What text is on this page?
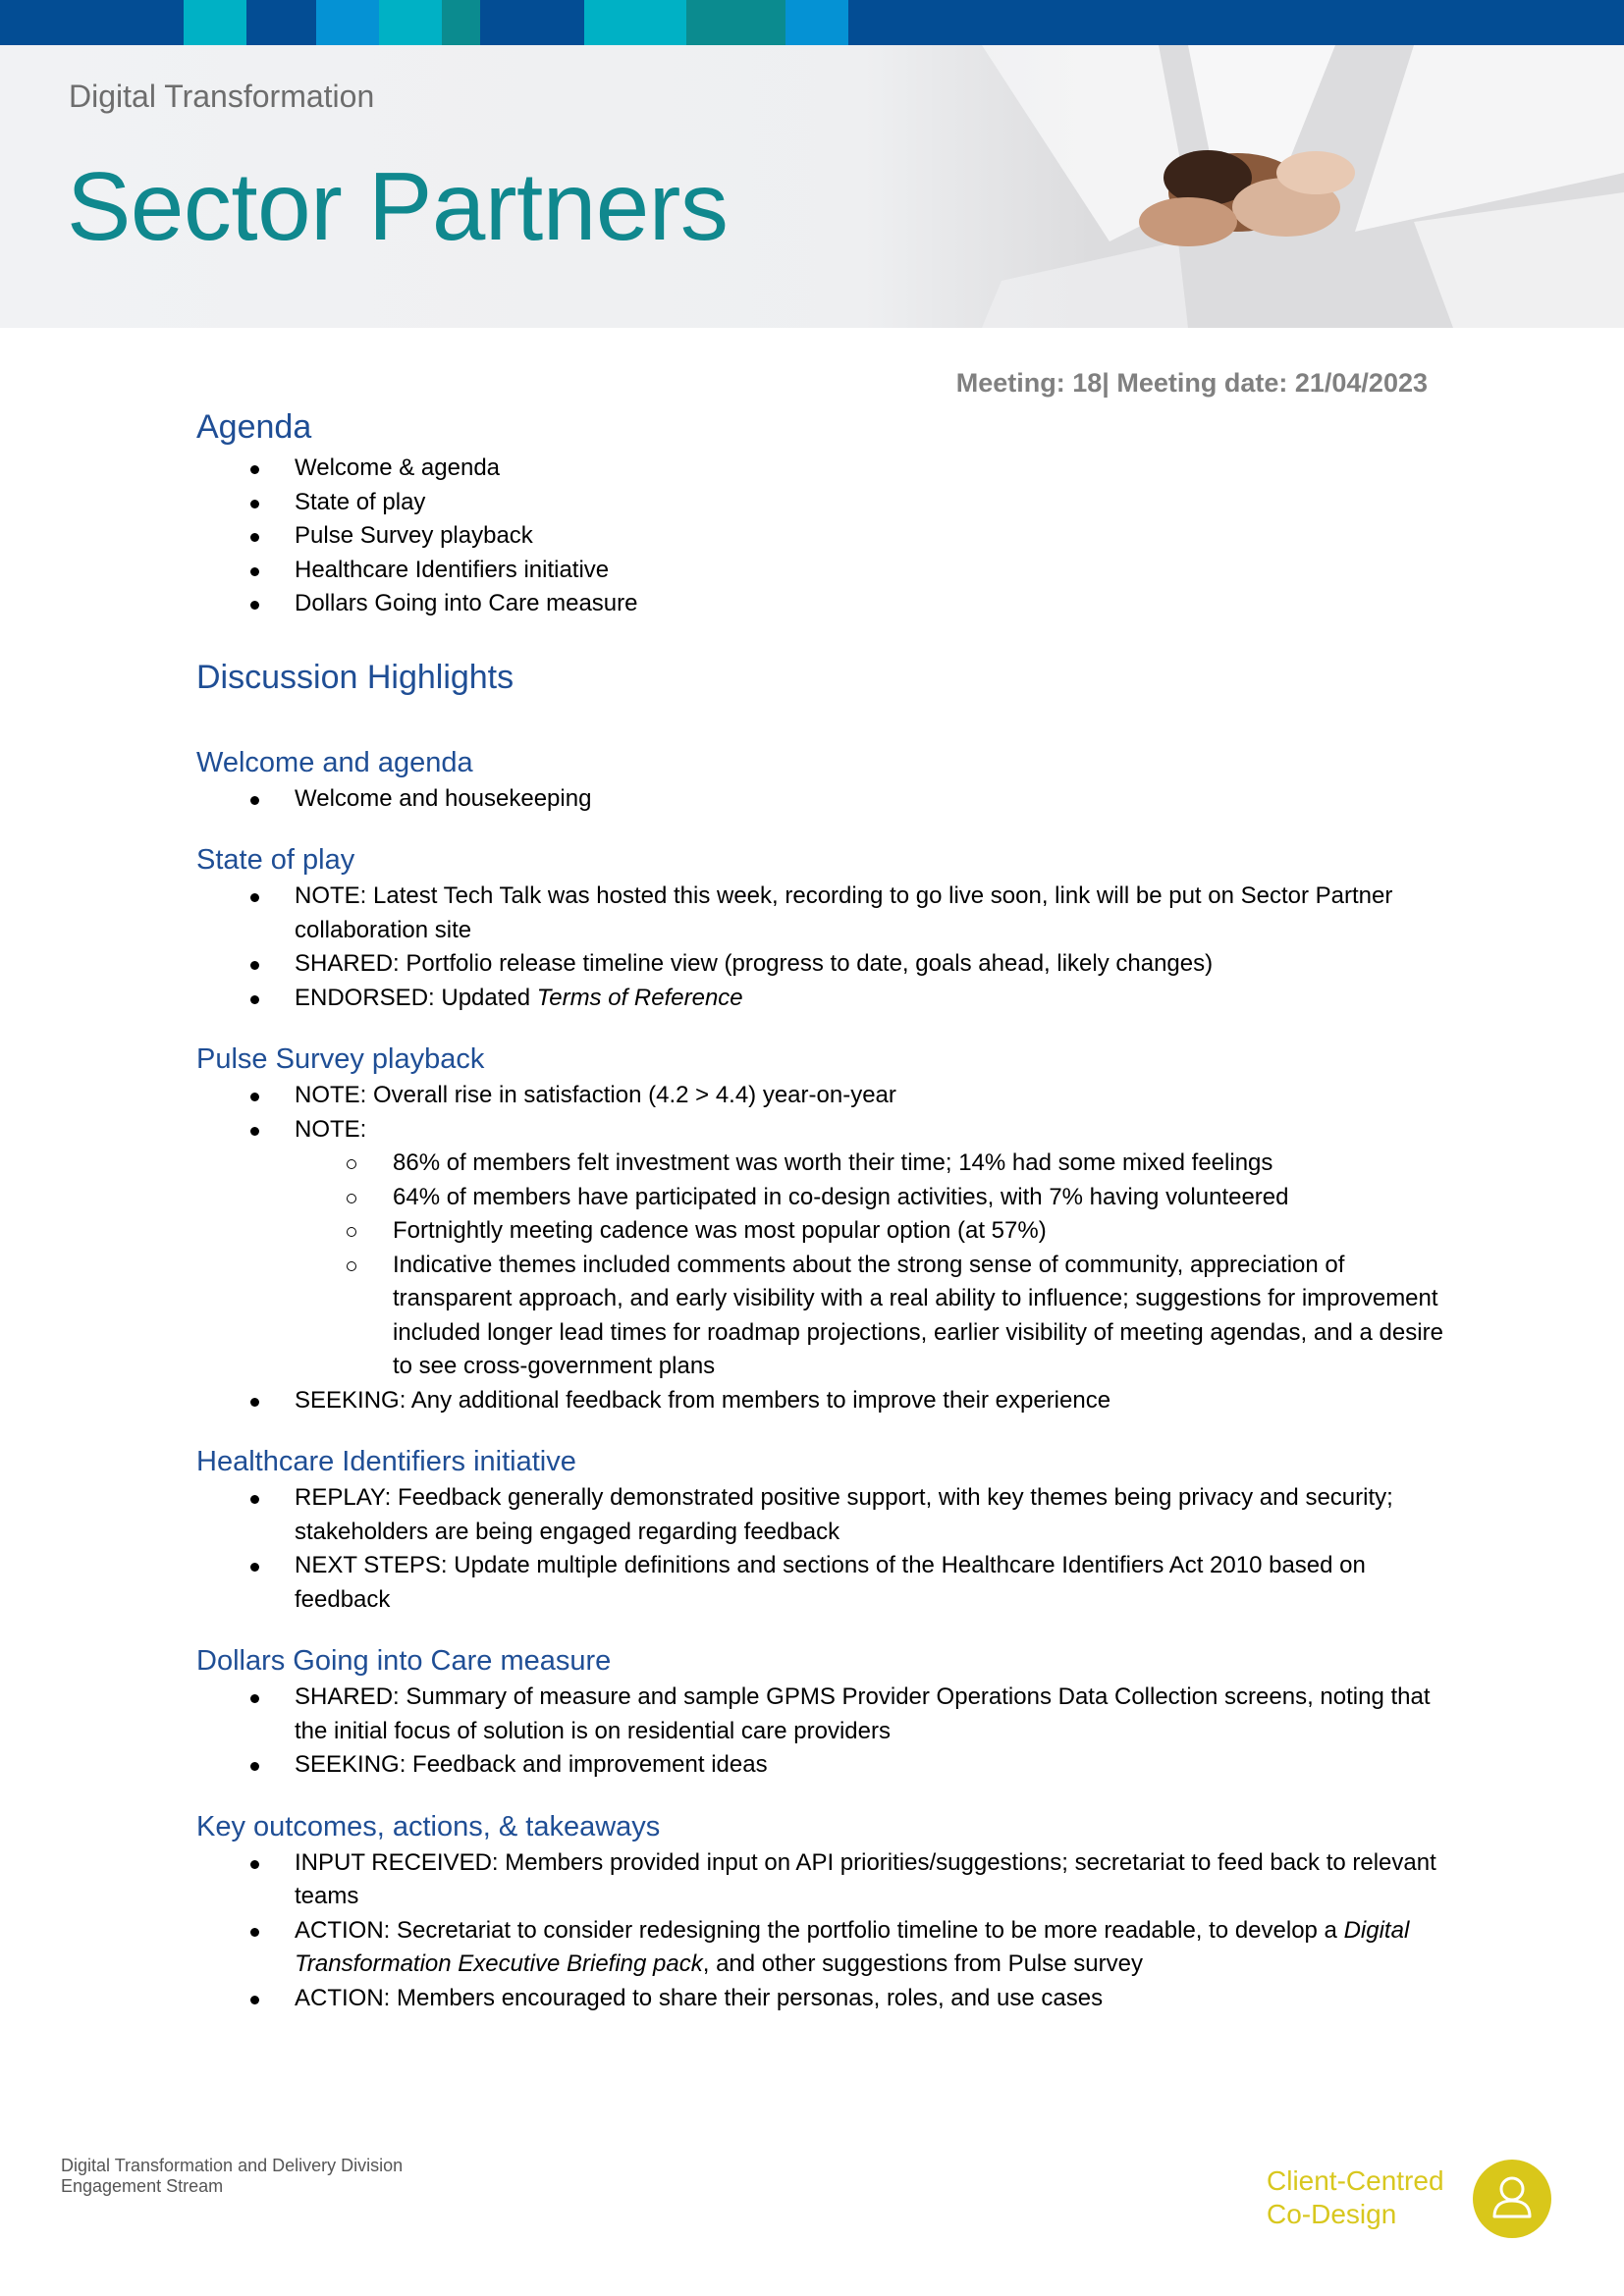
Digital Transformation
Sector Partners
Meeting: 18| Meeting date: 21/04/2023
Agenda
Welcome & agenda
State of play
Pulse Survey playback
Healthcare Identifiers initiative
Dollars Going into Care measure
Discussion Highlights
Welcome and agenda
Welcome and housekeeping
State of play
NOTE: Latest Tech Talk was hosted this week, recording to go live soon, link will be put on Sector Partner collaboration site
SHARED: Portfolio release timeline view (progress to date, goals ahead, likely changes)
ENDORSED: Updated Terms of Reference
Pulse Survey playback
NOTE: Overall rise in satisfaction (4.2 > 4.4) year-on-year
NOTE:
86% of members felt investment was worth their time; 14% had some mixed feelings
64% of members have participated in co-design activities, with 7% having volunteered
Fortnightly meeting cadence was most popular option (at 57%)
Indicative themes included comments about the strong sense of community, appreciation of transparent approach, and early visibility with a real ability to influence; suggestions for improvement included longer lead times for roadmap projections, earlier visibility of meeting agendas, and a desire to see cross-government plans
SEEKING: Any additional feedback from members to improve their experience
Healthcare Identifiers initiative
REPLAY: Feedback generally demonstrated positive support, with key themes being privacy and security; stakeholders are being engaged regarding feedback
NEXT STEPS: Update multiple definitions and sections of the Healthcare Identifiers Act 2010 based on feedback
Dollars Going into Care measure
SHARED: Summary of measure and sample GPMS Provider Operations Data Collection screens, noting that the initial focus of solution is on residential care providers
SEEKING: Feedback and improvement ideas
Key outcomes, actions, & takeaways
INPUT RECEIVED: Members provided input on API priorities/suggestions; secretariat to feed back to relevant teams
ACTION: Secretariat to consider redesigning the portfolio timeline to be more readable, to develop a Digital Transformation Executive Briefing pack, and other suggestions from Pulse survey
ACTION: Members encouraged to share their personas, roles, and use cases
Digital Transformation and Delivery Division
Engagement Stream	Client-Centred
Co-Design
